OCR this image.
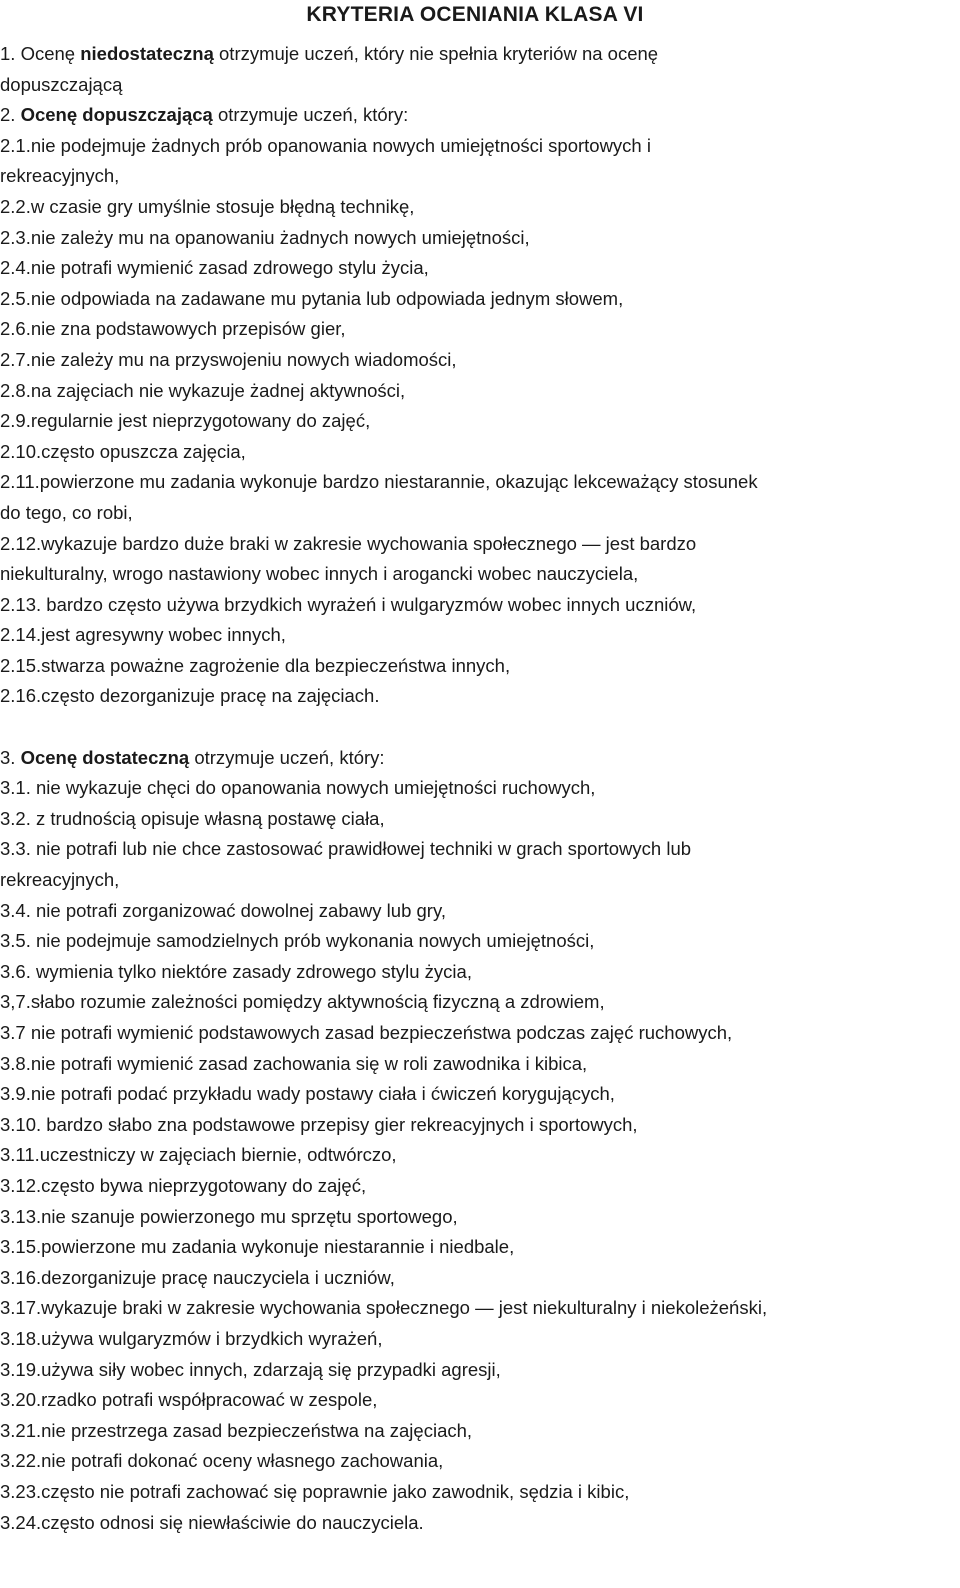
KRYTERIA OCENIANIA KLASA VI
1. Ocenę niedostateczną otrzymuje uczeń, który nie spełnia kryteriów na ocenę
dopuszczającą
2. Ocenę dopuszczającą otrzymuje uczeń, który:
2.1.nie podejmuje żadnych prób opanowania nowych umiejętności sportowych i
rekreacyjnych,
2.2.w czasie gry umyślnie stosuje błędną technikę,
2.3.nie zależy mu na opanowaniu żadnych nowych umiejętności,
2.4.nie potrafi wymienić zasad zdrowego stylu życia,
2.5.nie odpowiada na zadawane mu pytania lub odpowiada jednym słowem,
2.6.nie zna podstawowych przepisów gier,
2.7.nie zależy mu na przyswojeniu nowych wiadomości,
2.8.na zajęciach nie wykazuje żadnej aktywności,
2.9.regularnie jest nieprzygotowany do zajęć,
2.10.często opuszcza zajęcia,
2.11.powierzone mu zadania wykonuje bardzo niestarannie, okazując lekceważący stosunek
do tego, co robi,
2.12.wykazuje bardzo duże braki w zakresie wychowania społecznego — jest bardzo
niekulturalny, wrogo nastawiony wobec innych i arogancki wobec nauczyciela,
2.13. bardzo często używa brzydkich wyrażeń i wulgaryzmów wobec innych uczniów,
2.14.jest agresywny wobec innych,
2.15.stwarza poważne zagrożenie dla bezpieczeństwa innych,
2.16.często dezorganizuje pracę na zajęciach.
3. Ocenę dostateczną otrzymuje uczeń, który:
3.1. nie wykazuje chęci do opanowania nowych umiejętności ruchowych,
3.2. z trudnością opisuje własną postawę ciała,
3.3. nie potrafi lub nie chce zastosować prawidłowej techniki w grach sportowych lub
rekreacyjnych,
3.4. nie potrafi zorganizować dowolnej zabawy lub gry,
3.5. nie podejmuje samodzielnych prób wykonania nowych umiejętności,
3.6. wymienia tylko niektóre zasady zdrowego stylu życia,
3,7.słabo rozumie zależności pomiędzy aktywnością fizyczną a zdrowiem,
3.7 nie potrafi wymienić podstawowych zasad bezpieczeństwa podczas zajęć ruchowych,
3.8.nie potrafi wymienić zasad zachowania się w roli zawodnika i kibica,
3.9.nie potrafi podać przykładu wady postawy ciała i ćwiczeń korygujących,
3.10. bardzo słabo zna podstawowe przepisy gier rekreacyjnych i sportowych,
3.11.uczestniczy w zajęciach biernie, odtwórczo,
3.12.często bywa nieprzygotowany do zajęć,
3.13.nie szanuje powierzonego mu sprzętu sportowego,
3.15.powierzone mu zadania wykonuje niestarannie i niedbale,
3.16.dezorganizuje pracę nauczyciela i uczniów,
3.17.wykazuje braki w zakresie wychowania społecznego — jest niekulturalny i niekoleżeński,
3.18.używa wulgaryzmów i brzydkich wyrażeń,
3.19.używa siły wobec innych, zdarzają się przypadki agresji,
3.20.rzadko potrafi współpracować w zespole,
3.21.nie przestrzega zasad bezpieczeństwa na zajęciach,
3.22.nie potrafi dokonać oceny własnego zachowania,
3.23.często nie potrafi zachować się poprawnie jako zawodnik, sędzia i kibic,
3.24.często odnosi się niewłaściwie do nauczyciela.
